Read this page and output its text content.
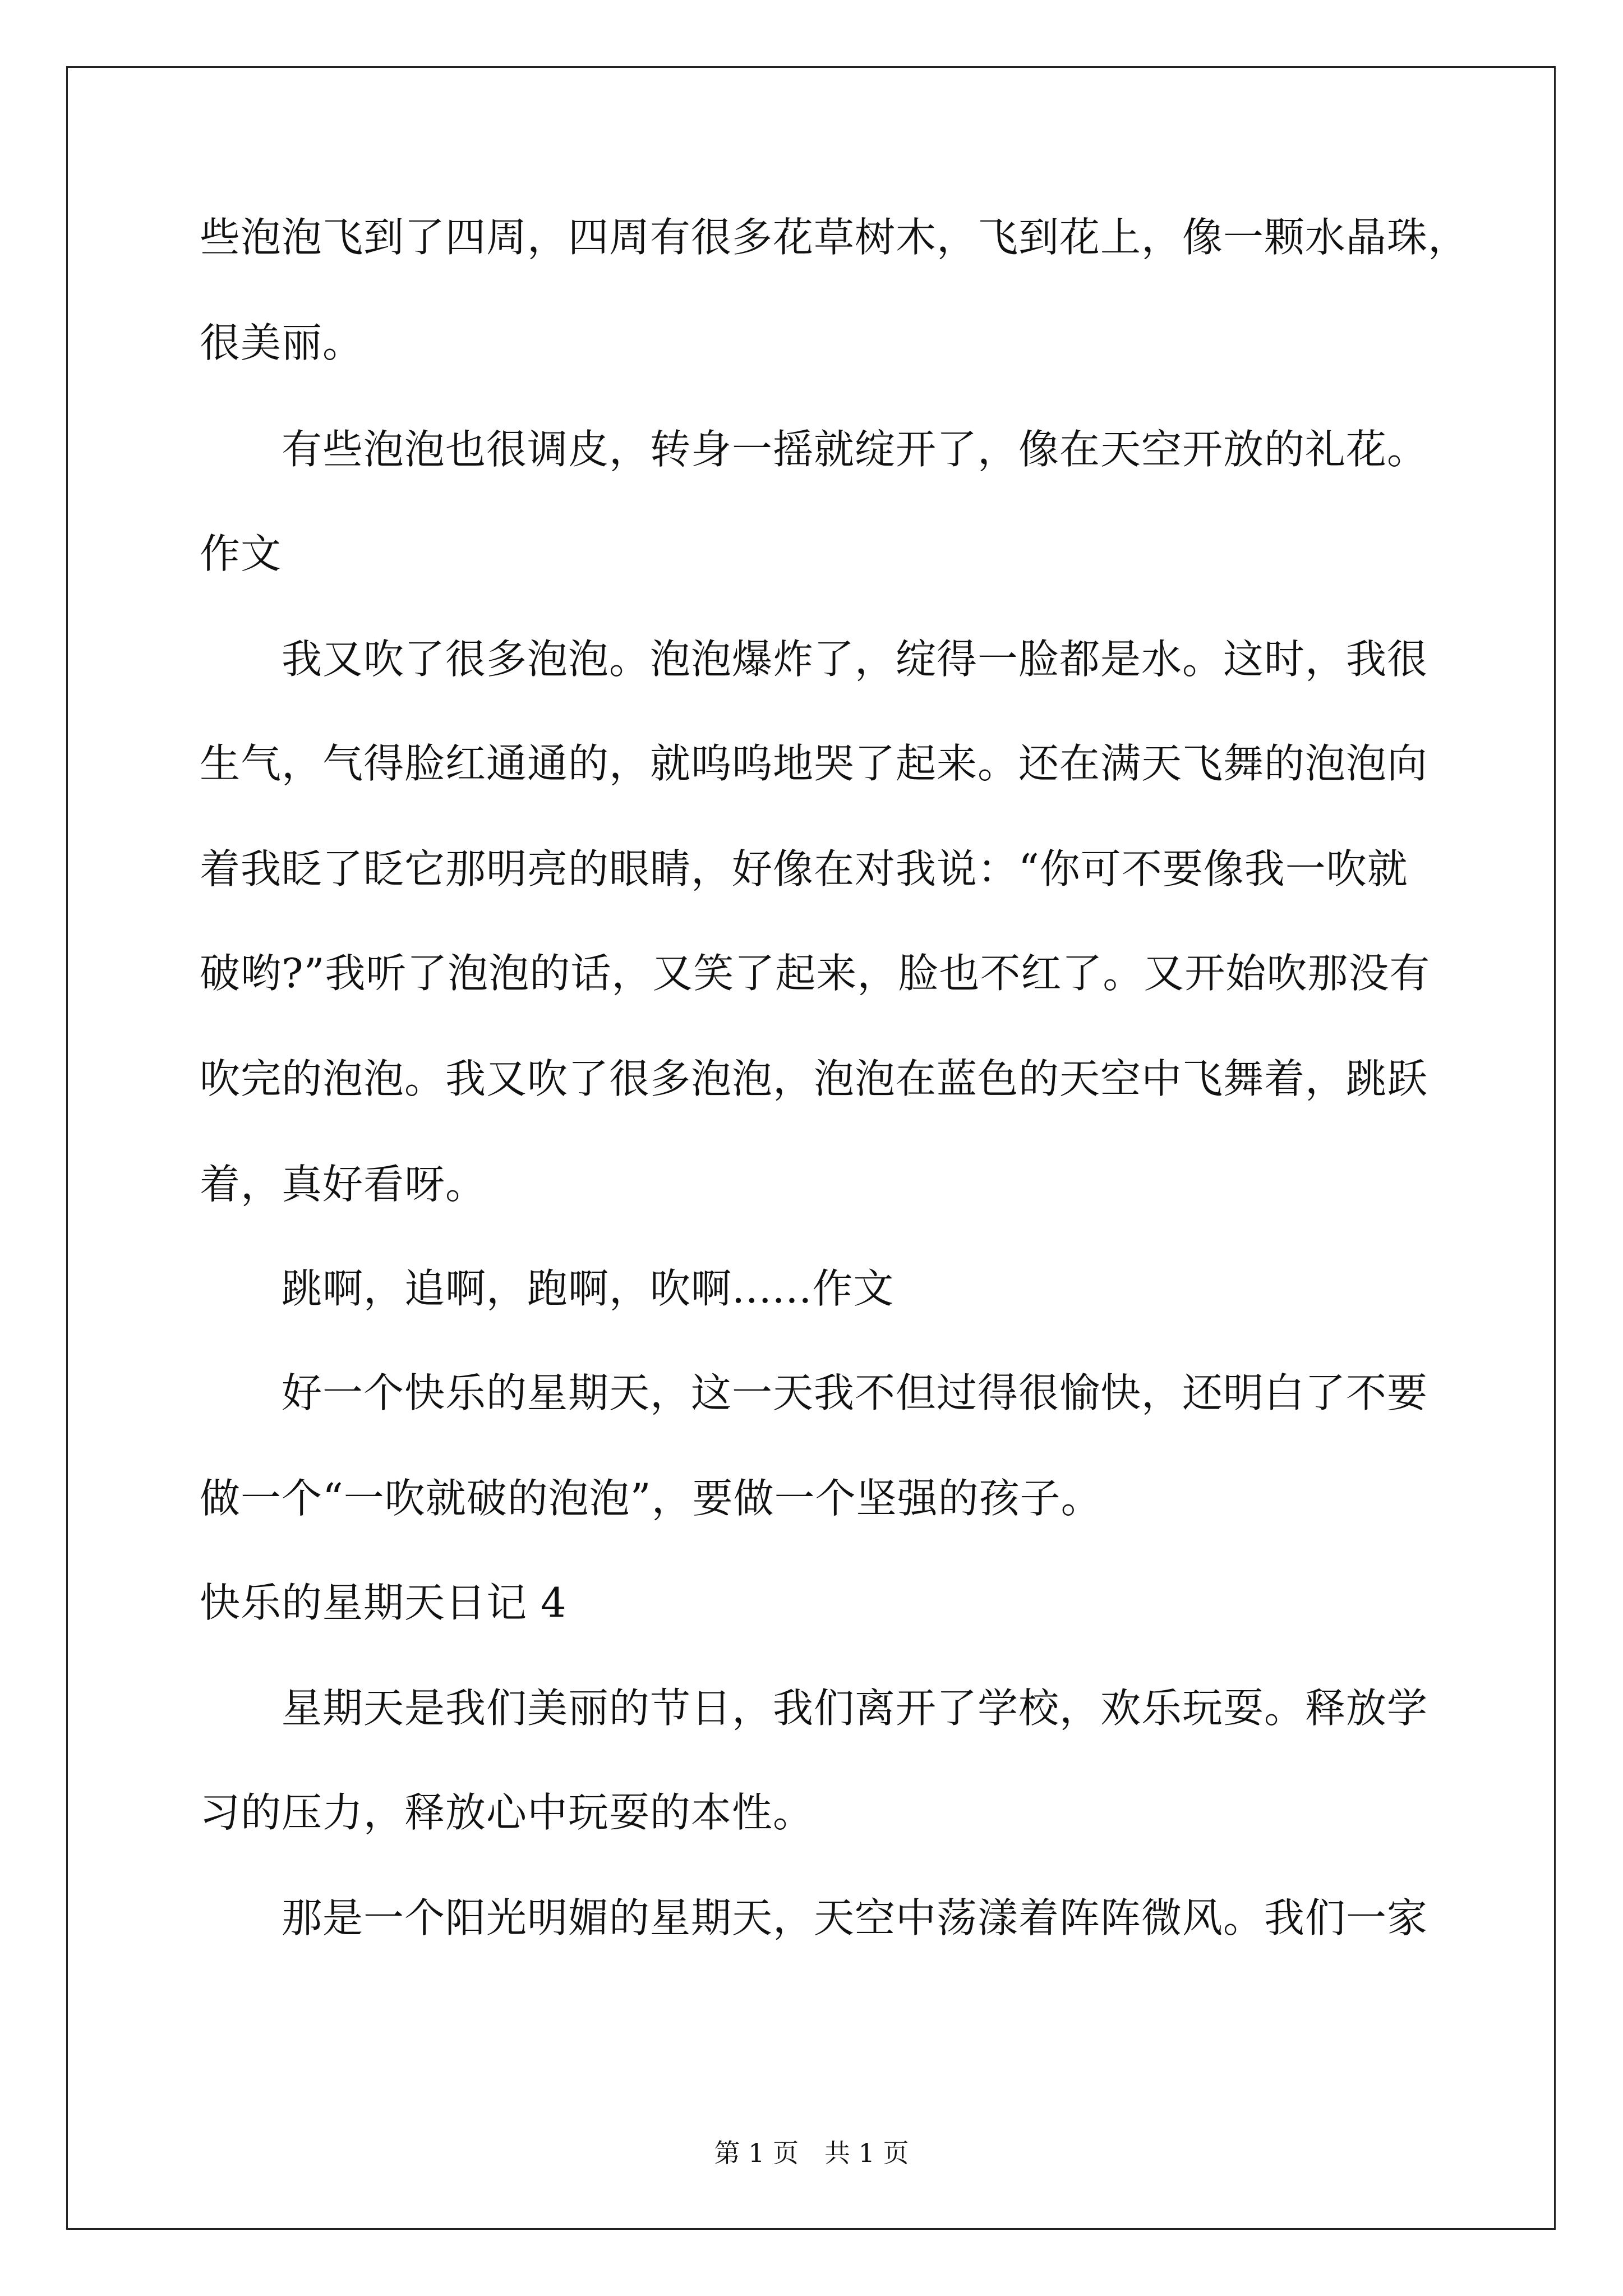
些泡泡飞到了四周，四周有很多花草树木，飞到花上，像一颗水晶珠，
很美丽。
有些泡泡也很调皮，转身一摇就绽开了，像在天空开放的礼花。
作文
我又吹了很多泡泡。泡泡爆炸了，绽得一脸都是水。这时，我很
生气，气得脸红通通的，就呜呜地哭了起来。还在满天飞舞的泡泡向
着我眨了眨它那明亮的眼睛，好像在对我说：“你可不要像我一吹就
破哟?”我听了泡泡的话，又笑了起来，脸也不红了。又开始吹那没有
吹完的泡泡。我又吹了很多泡泡，泡泡在蓝色的天空中飞舞着，跳跃
着，真好看呀。
跳啊，追啊，跑啊，吹啊......作文
好一个快乐的星期天，这一天我不但过得很愉快，还明白了不要
做一个“一吹就破的泡泡”，要做一个坚强的孩子。
快乐的星期天日记 4
星期天是我们美丽的节日，我们离开了学校，欢乐玩耍。释放学
习的压力，释放心中玩耍的本性。
那是一个阳光明媚的星期天，天空中荡漾着阵阵微风。我们一家
第 1 页　共 1 页
